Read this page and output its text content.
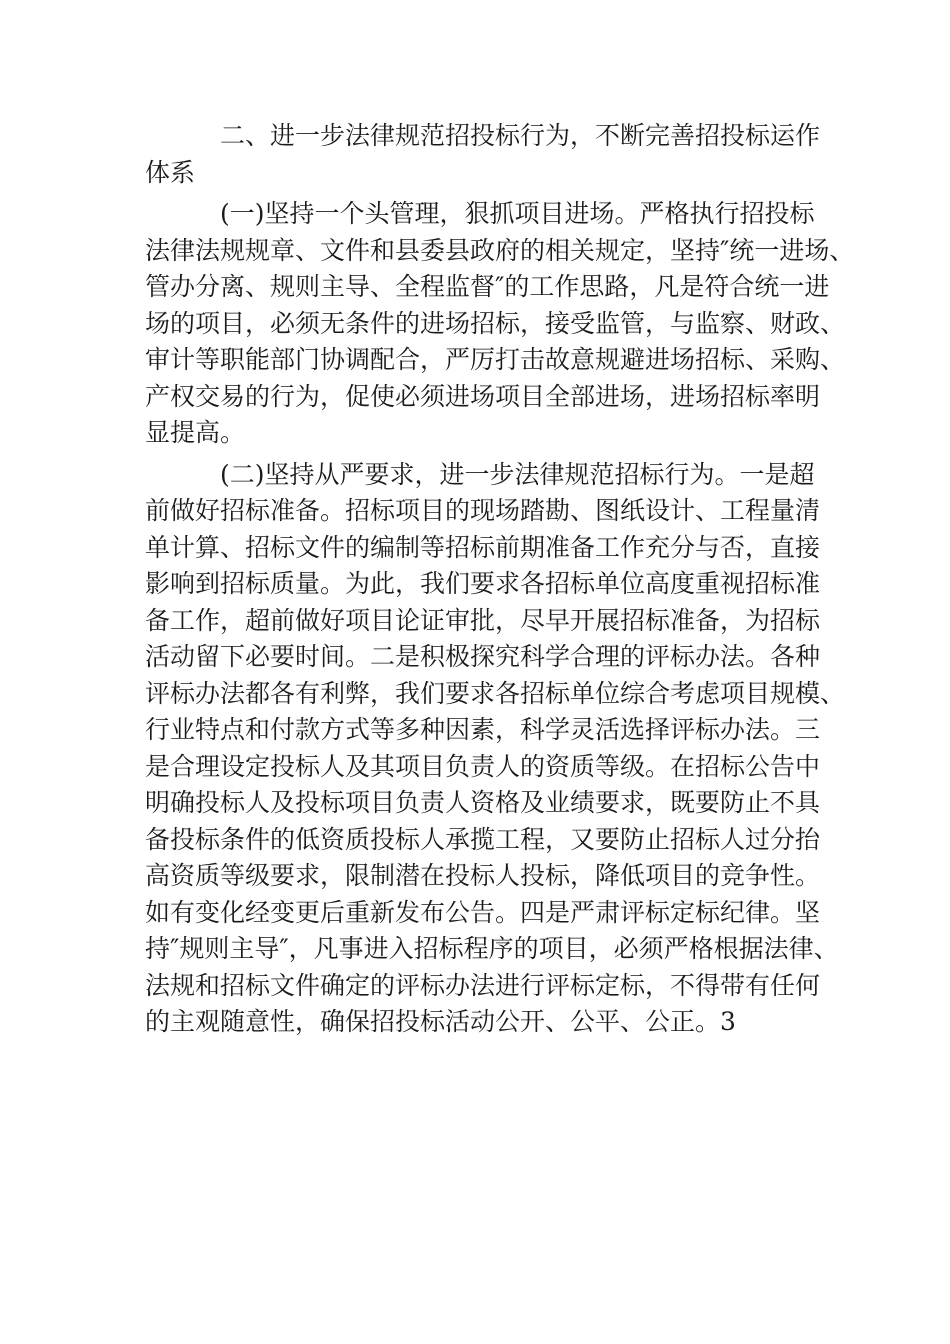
二、进一步法律规范招投标行为，不断完善招投标运作
体系
(一)坚持一个头管理，狠抓项目进场。严格执行招投标
法律法规规章、文件和县委县政府的相关规定，坚持″统一进场、
管办分离、规则主导、全程监督″的工作思路，凡是符合统一进
场的项目，必须无条件的进场招标，接受监管，与监察、财政、
审计等职能部门协调配合，严厉打击故意规避进场招标、采购、
产权交易的行为，促使必须进场项目全部进场，进场招标率明
显提高。
(二)坚持从严要求，进一步法律规范招标行为。一是超
前做好招标准备。招标项目的现场踏勘、图纸设计、工程量清
单计算、招标文件的编制等招标前期准备工作充分与否，直接
影响到招标质量。为此，我们要求各招标单位高度重视招标准
备工作，超前做好项目论证审批，尽早开展招标准备，为招标
活动留下必要时间。二是积极探究科学合理的评标办法。各种
评标办法都各有利弊，我们要求各招标单位综合考虑项目规模、
行业特点和付款方式等多种因素，科学灵活选择评标办法。三
是合理设定投标人及其项目负责人的资质等级。在招标公告中
明确投标人及投标项目负责人资格及业绩要求，既要防止不具
备投标条件的低资质投标人承揽工程，又要防止招标人过分抬
高资质等级要求，限制潜在投标人投标，降低项目的竞争性。
如有变化经变更后重新发布公告。四是严肃评标定标纪律。坚
持″规则主导″，凡事进入招标程序的项目，必须严格根据法律、
法规和招标文件确定的评标办法进行评标定标，不得带有任何
的主观随意性，确保招投标活动公开、公平、公正。3
